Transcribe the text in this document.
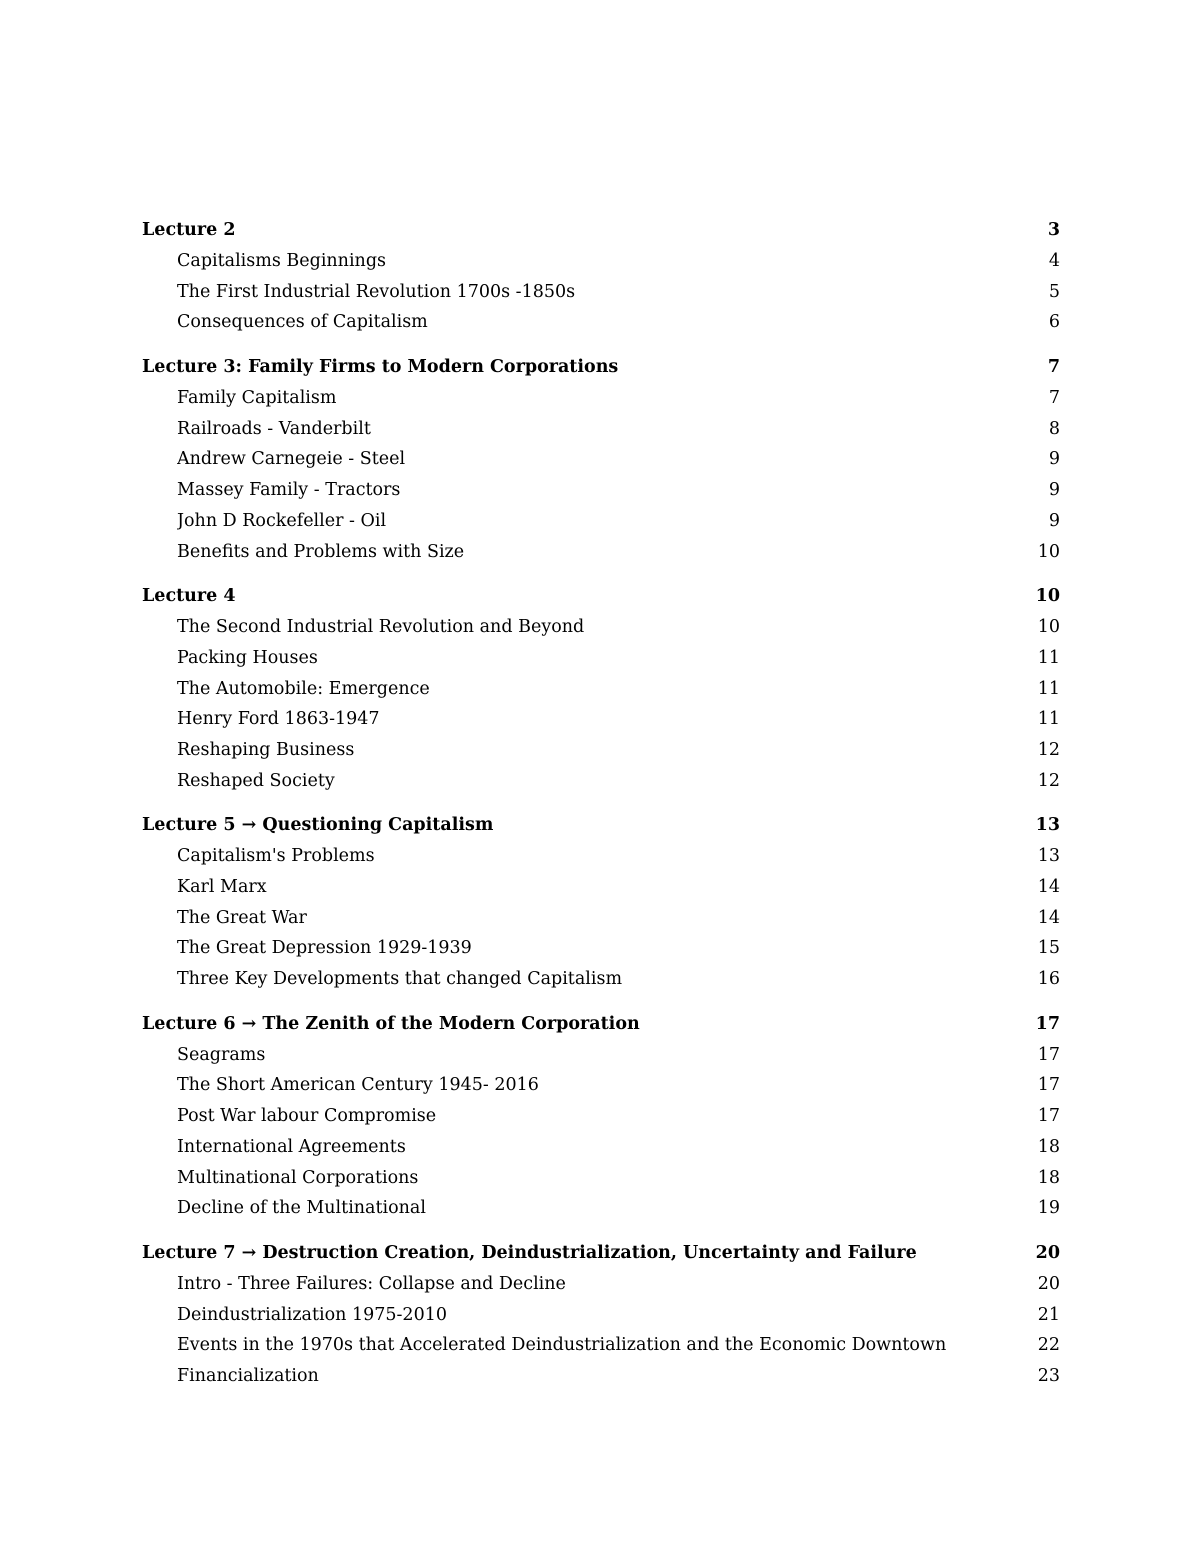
Lecture 2	3
Capitalisms Beginnings	4
The First Industrial Revolution 1700s -1850s	5
Consequences of Capitalism	6
Lecture 3: Family Firms to Modern Corporations	7
Family Capitalism	7
Railroads - Vanderbilt	8
Andrew Carnegeie - Steel	9
Massey Family - Tractors	9
John D Rockefeller - Oil	9
Benefits and Problems with Size	10
Lecture 4	10
The Second Industrial Revolution and Beyond	10
Packing Houses	11
The Automobile: Emergence	11
Henry Ford 1863-1947	11
Reshaping Business	12
Reshaped Society	12
Lecture 5 → Questioning Capitalism	13
Capitalism's Problems	13
Karl Marx	14
The Great War	14
The Great Depression 1929-1939	15
Three Key Developments that changed Capitalism	16
Lecture 6 → The Zenith of the Modern Corporation	17
Seagrams	17
The Short American Century 1945- 2016	17
Post War labour Compromise	17
International Agreements	18
Multinational Corporations	18
Decline of the Multinational	19
Lecture 7 → Destruction Creation, Deindustrialization, Uncertainty and Failure	20
Intro - Three Failures: Collapse and Decline	20
Deindustrialization 1975-2010	21
Events in the 1970s that Accelerated Deindustrialization and the Economic Downtown	22
Financialization	23
